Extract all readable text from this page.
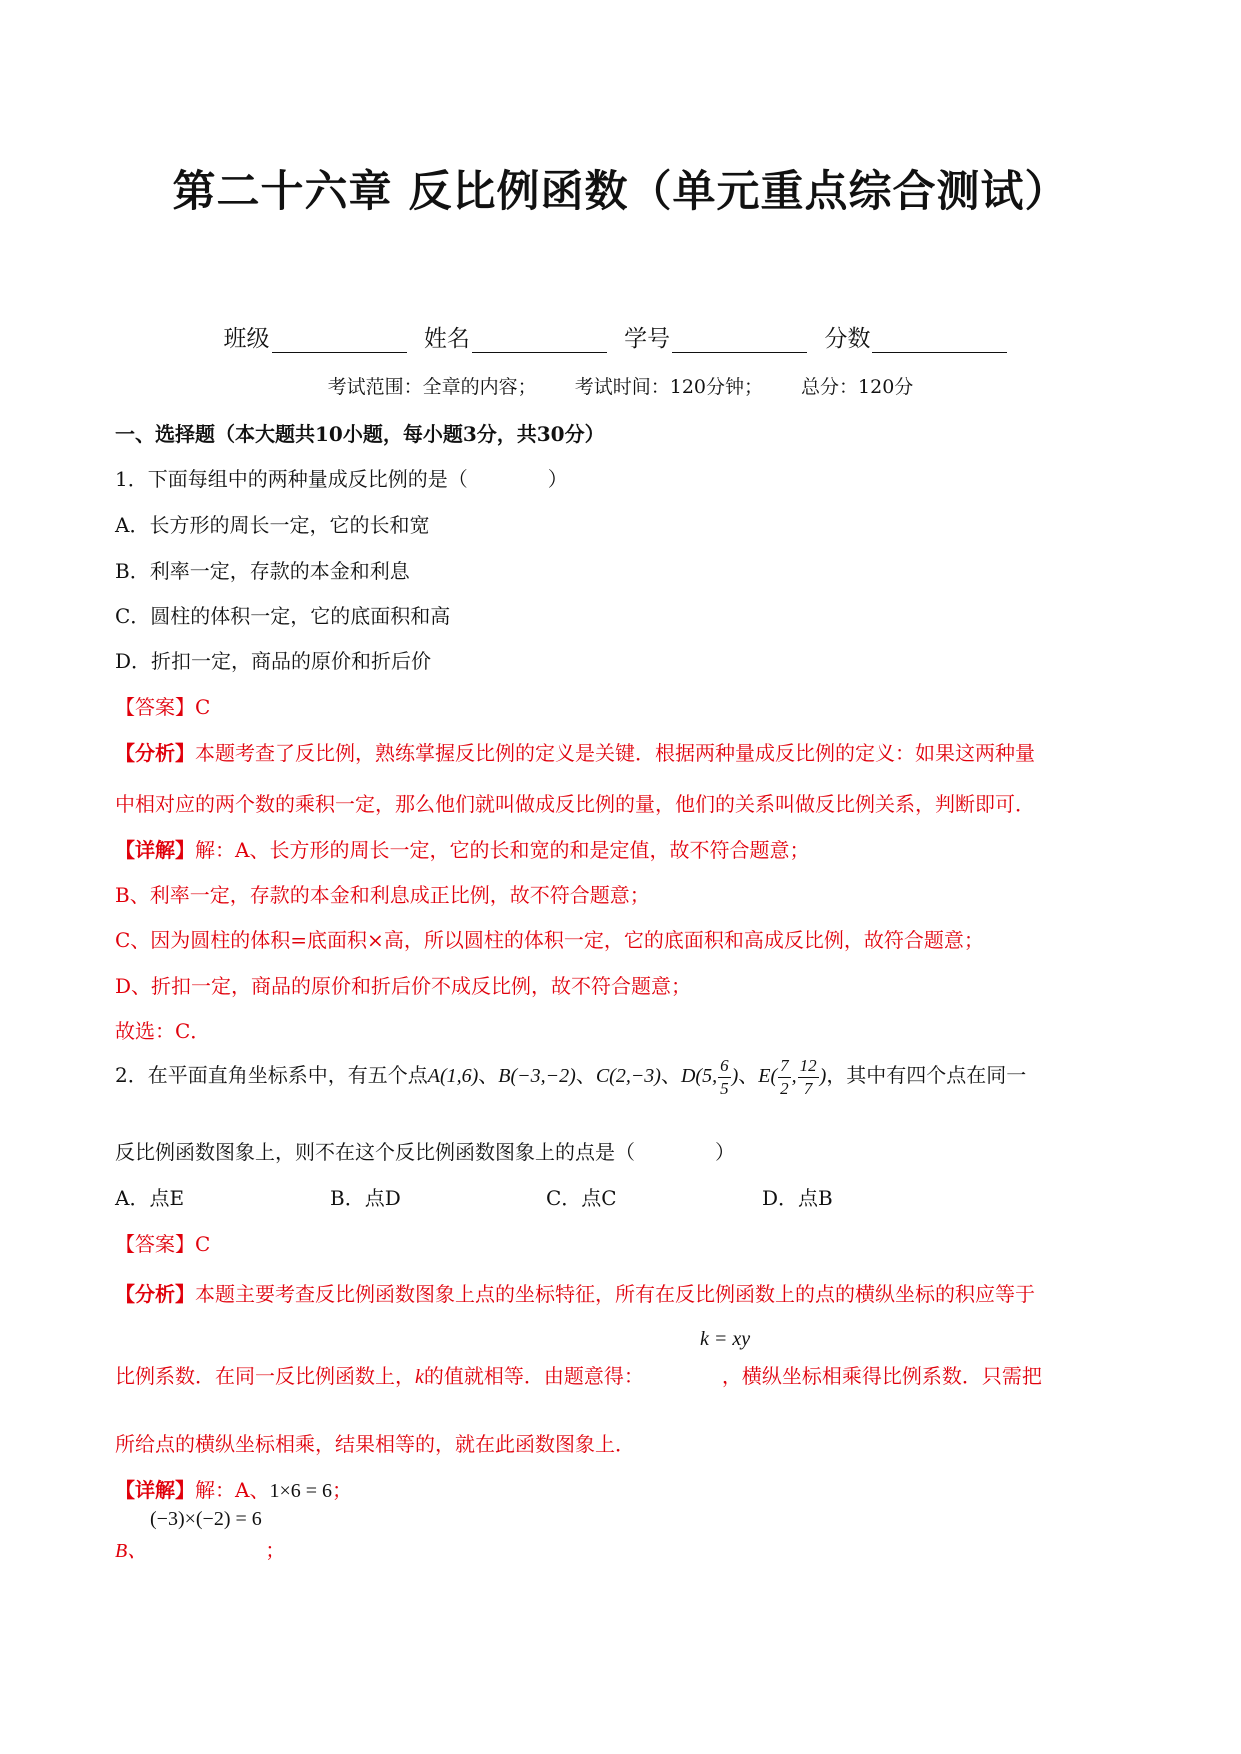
第二十六章 反比例函数（单元重点综合测试）
班级	姓名	学号	分数
考试范围：全章的内容； 考试时间：120分钟； 总分：120分
一、选择题（本大题共10小题，每小题3分，共30分）
1．下面每组中的两种量成反比例的是（　　　　）
A．长方形的周长一定，它的长和宽
B．利率一定，存款的本金和利息
C．圆柱的体积一定，它的底面积和高
D．折扣一定，商品的原价和折后价
【答案】C
【分析】本题考查了反比例，熟练掌握反比例的定义是关键．根据两种量成反比例的定义：如果这两种量
中相对应的两个数的乘积一定，那么他们就叫做成反比例的量，他们的关系叫做反比例关系，判断即可．
【详解】解：A、长方形的周长一定，它的长和宽的和是定值，故不符合题意；
B、利率一定，存款的本金和利息成正比例，故不符合题意；
C、因为圆柱的体积=底面积×高，所以圆柱的体积一定，它的底面积和高成反比例，故符合题意；
D、折扣一定，商品的原价和折后价不成反比例，故不符合题意；
故选：C．
2．在平面直角坐标系中，有五个点A(1,6)、B(−3,−2)、C(2,−3)、D(5, $\frac{6}{5}$ )、$E( \frac{7}{2}$ , $\frac{12}{7}$ )，其中有四个点在同一
反比例函数图象上，则不在这个反比例函数图象上的点是（　　　　）
A．点E	B．点D	C．点C	D．点B
【答案】C
【分析】本题主要考查反比例函数图象上点的坐标特征，所有在反比例函数上的点的横纵坐标的积应等于
k = xy
比例系数．在同一反比例函数上，k的值就相等．由题意得：	，横纵坐标相乘得比例系数．只需把
所给点的横纵坐标相乘，结果相等的，就在此函数图象上．
【详解】解：A、1×6 = 6；
(−3)×(−2) = 6
B、	；
